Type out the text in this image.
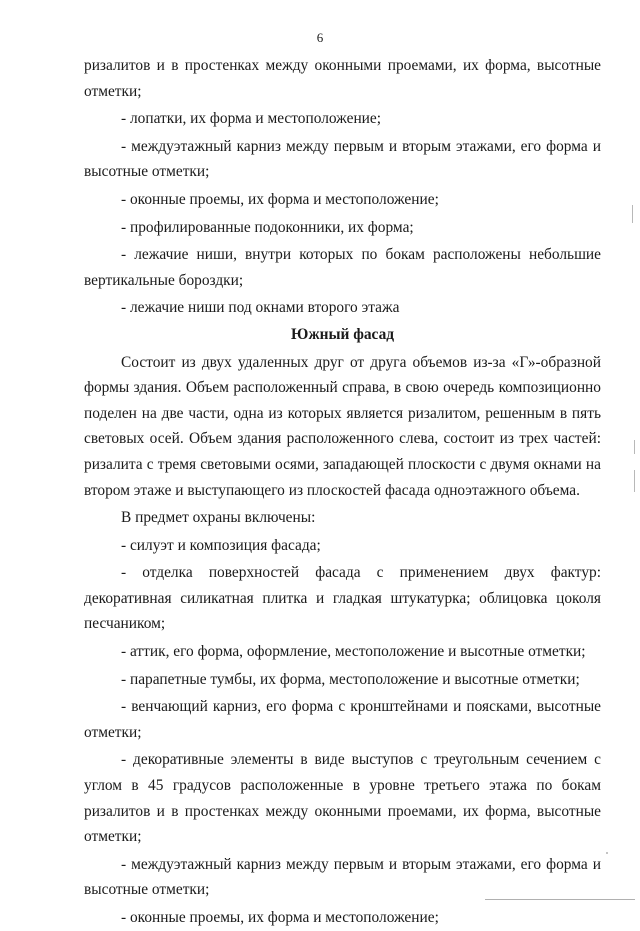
6

ризалитов и в простенках между оконными проемами, их форма, высотные отметки;

- лопатки, их форма и местоположение;

- междуэтажный карниз между первым и вторым этажами, его форма и высотные отметки;

- оконные проемы, их форма и местоположение;

- профилированные подоконники, их форма;

- лежачие ниши, внутри которых по бокам расположены небольшие вертикальные бороздки;

- лежачие ниши под окнами второго этажа

Южный фасад

Состоит из двух удаленных друг от друга объемов из-за «Г»-образной формы здания. Объем расположенный справа, в свою очередь композиционно поделен на две части, одна из которых является ризалитом, решенным в пять световых осей. Объем здания расположенного слева, состоит из трех частей: ризалита с тремя световыми осями, западающей плоскости с двумя окнами на втором этаже и выступающего из плоскостей фасада одноэтажного объема.

В предмет охраны включены:

- силуэт и композиция фасада;

- отделка поверхностей фасада с применением двух фактур: декоративная силикатная плитка и гладкая штукатурка; облицовка цоколя песчаником;

- аттик, его форма, оформление, местоположение и высотные отметки;

- парапетные тумбы, их форма, местоположение и высотные отметки;

- венчающий карниз, его форма с кронштейнами и поясками, высотные отметки;

- декоративные элементы в виде выступов с треугольным сечением с углом в 45 градусов расположенные в уровне третьего этажа по бокам ризалитов и в простенках между оконными проемами, их форма, высотные отметки;

- междуэтажный карниз между первым и вторым этажами, его форма и высотные отметки;

- оконные проемы, их форма и местоположение;
